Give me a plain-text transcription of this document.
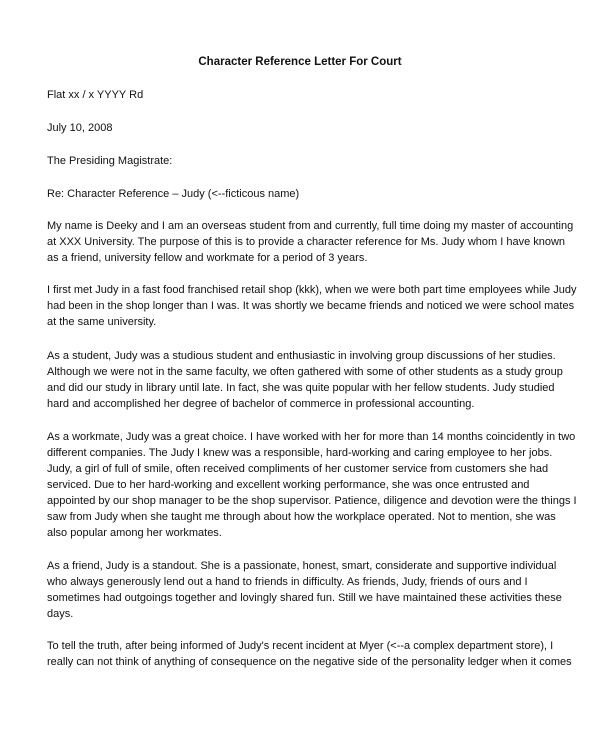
Character Reference Letter For Court
Flat xx / x YYYY Rd
July 10, 2008
The Presiding Magistrate:
Re: Character Reference – Judy (<--ficticous name)
My name is Deeky and I am an overseas student from and currently, full time doing my master of accounting
at XXX University. The purpose of this is to provide a character reference for Ms. Judy whom I have known
as a friend, university fellow and workmate for a period of 3 years.
I first met Judy in a fast food franchised retail shop (kkk), when we were both part time employees while Judy
had been in the shop longer than I was. It was shortly we became friends and noticed we were school mates
at the same university.
As a student, Judy was a studious student and enthusiastic in involving group discussions of her studies.
Although we were not in the same faculty, we often gathered with some of other students as a study group
and did our study in library until late. In fact, she was quite popular with her fellow students. Judy studied
hard and accomplished her degree of bachelor of commerce in professional accounting.
As a workmate, Judy was a great choice. I have worked with her for more than 14 months coincidently in two
different companies. The Judy I knew was a responsible, hard-working and caring employee to her jobs.
Judy, a girl of full of smile, often received compliments of her customer service from customers she had
serviced. Due to her hard-working and excellent working performance, she was once entrusted and
appointed by our shop manager to be the shop supervisor. Patience, diligence and devotion were the things I
saw from Judy when she taught me through about how the workplace operated. Not to mention, she was
also popular among her workmates.
As a friend, Judy is a standout. She is a passionate, honest, smart, considerate and supportive individual
who always generously lend out a hand to friends in difficulty. As friends, Judy, friends of ours and I
sometimes had outgoings together and lovingly shared fun. Still we have maintained these activities these
days.
To tell the truth, after being informed of Judy's recent incident at Myer (<--a complex department store), I
really can not think of anything of consequence on the negative side of the personality ledger when it comes
